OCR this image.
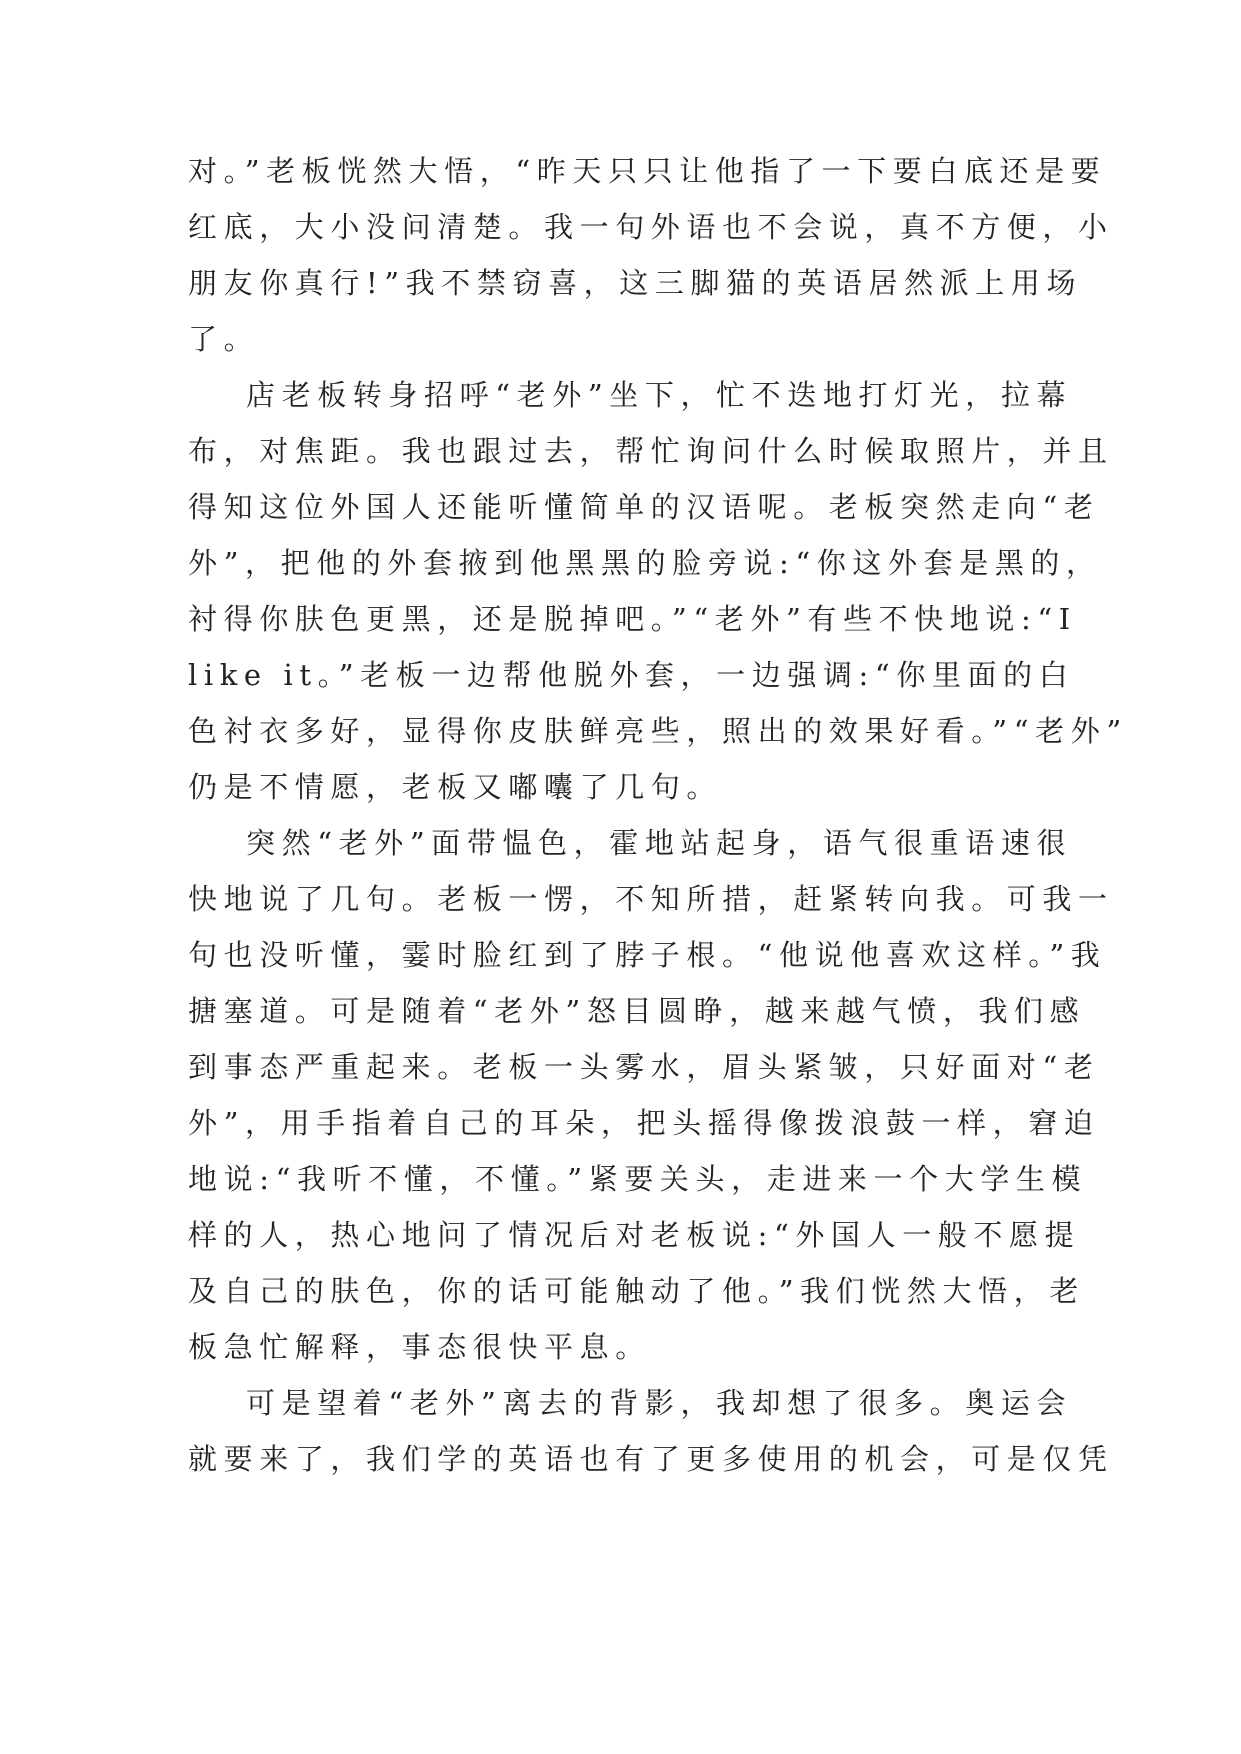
对。”老板恍然大悟，“昨天只只让他指了一下要白底还是要
红底，大小没问清楚。我一句外语也不会说，真不方便，小
朋友你真行!”我不禁窃喜，这三脚猫的英语居然派上用场
了。
店老板转身招呼“老外”坐下，忙不迭地打灯光，拉幕
布，对焦距。我也跟过去，帮忙询问什么时候取照片，并且
得知这位外国人还能听懂简单的汉语呢。老板突然走向“老
外”，把他的外套掖到他黑黑的脸旁说:“你这外套是黑的，
衬得你肤色更黑，还是脱掉吧。”“老外”有些不快地说:“I
like it。”老板一边帮他脱外套，一边强调:“你里面的白
色衬衣多好，显得你皮肤鲜亮些，照出的效果好看。”“老外”
仍是不情愿，老板又嘟囔了几句。
突然“老外”面带愠色，霍地站起身，语气很重语速很
快地说了几句。老板一愣，不知所措，赶紧转向我。可我一
句也没听懂，霎时脸红到了脖子根。“他说他喜欢这样。”我
搪塞道。可是随着“老外”怒目圆睁，越来越气愤，我们感
到事态严重起来。老板一头雾水，眉头紧皱，只好面对“老
外”，用手指着自己的耳朵，把头摇得像拨浪鼓一样，窘迫
地说:“我听不懂，不懂。”紧要关头，走进来一个大学生模
样的人，热心地问了情况后对老板说:“外国人一般不愿提
及自己的肤色，你的话可能触动了他。”我们恍然大悟，老
板急忙解释，事态很快平息。
可是望着“老外”离去的背影，我却想了很多。奥运会
就要来了，我们学的英语也有了更多使用的机会，可是仅凭
